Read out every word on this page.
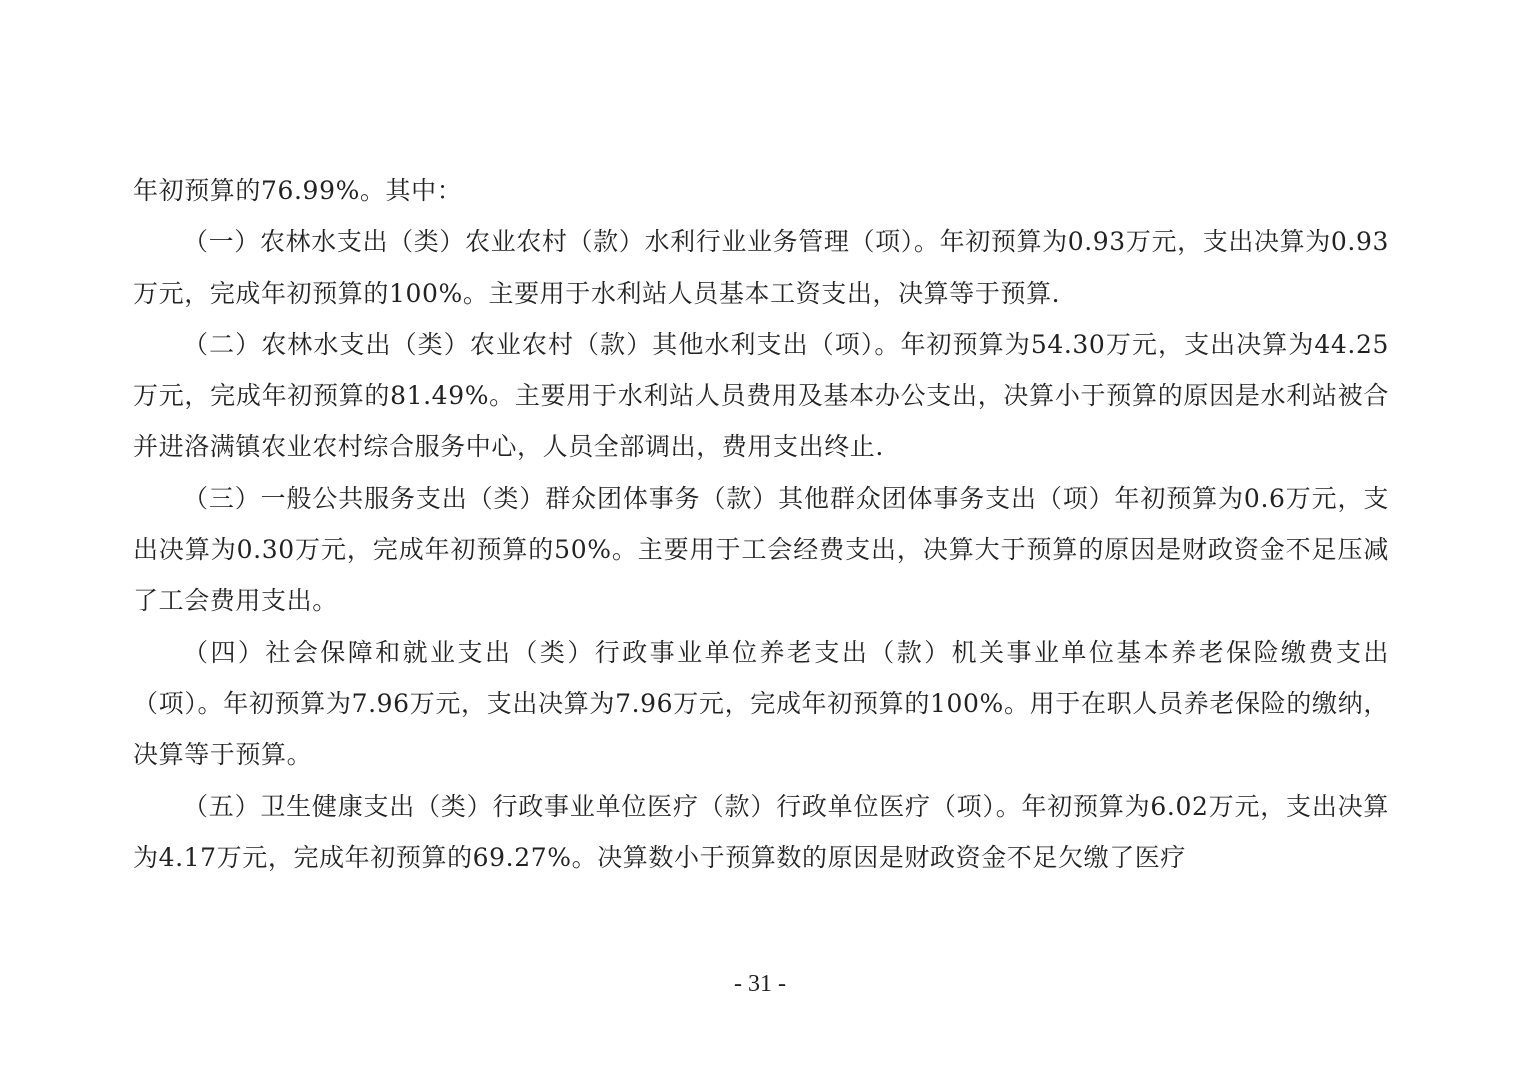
年初预算的76.99%。其中：

（一）农林水支出（类）农业农村（款）水利行业业务管理（项）。年初预算为0.93万元，支出决算为0.93万元，完成年初预算的100%。主要用于水利站人员基本工资支出，决算等于预算.

（二）农林水支出（类）农业农村（款）其他水利支出（项）。年初预算为54.30万元，支出决算为44.25万元，完成年初预算的81.49%。主要用于水利站人员费用及基本办公支出，决算小于预算的原因是水利站被合并进洛满镇农业农村综合服务中心，人员全部调出，费用支出终止.

（三）一般公共服务支出（类）群众团体事务（款）其他群众团体事务支出（项）年初预算为0.6万元，支出决算为0.30万元，完成年初预算的50%。主要用于工会经费支出，决算大于预算的原因是财政资金不足压减了工会费用支出。

（四）社会保障和就业支出（类）行政事业单位养老支出（款）机关事业单位基本养老保险缴费支出（项）。年初预算为7.96万元，支出决算为7.96万元，完成年初预算的100%。用于在职人员养老保险的缴纳，决算等于预算。

（五）卫生健康支出（类）行政事业单位医疗（款）行政单位医疗（项）。年初预算为6.02万元，支出决算为4.17万元，完成年初预算的69.27%。决算数小于预算数的原因是财政资金不足欠缴了医疗

- 31 -
